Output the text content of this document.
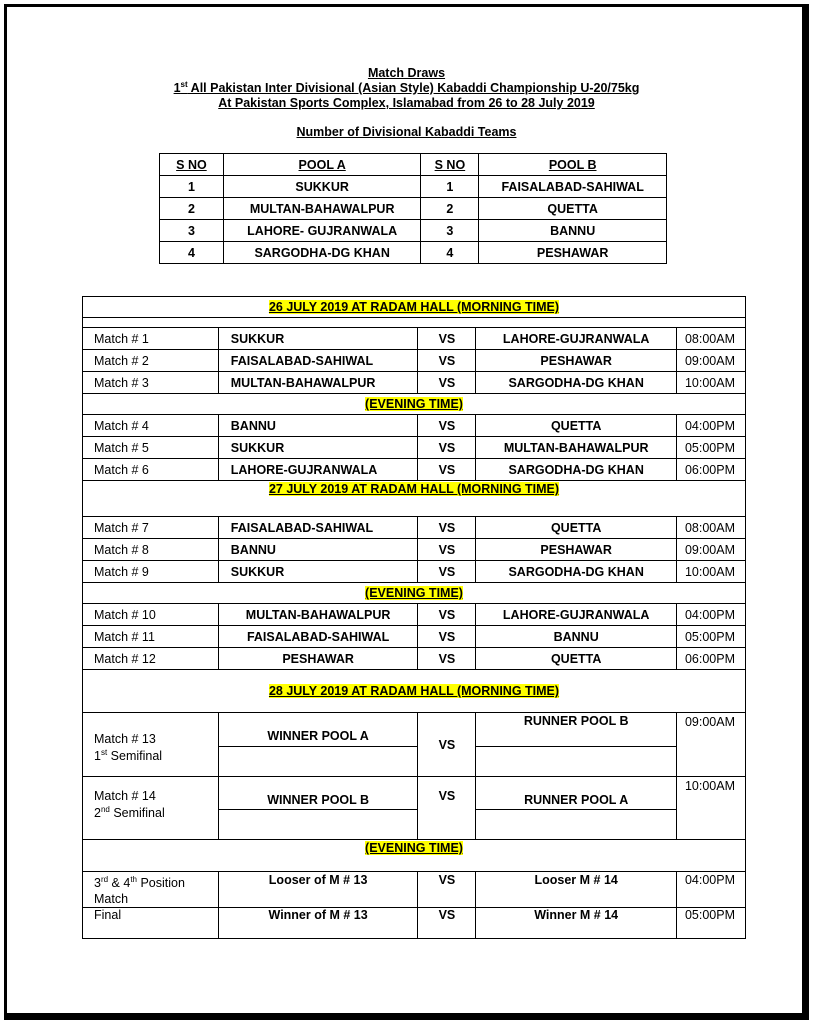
Match Draws
1st All Pakistan Inter Divisional (Asian Style) Kabaddi Championship U-20/75kg
At Pakistan Sports Complex, Islamabad from 26 to 28 July 2019
Number of Divisional Kabaddi Teams
S NO	POOL A	S NO	POOL B
1	SUKKUR	1	FAISALABAD-SAHIWAL
2	MULTAN-BAHAWALPUR	2	QUETTA
3	LAHORE- GUJRANWALA	3	BANNU
4	SARGODHA-DG KHAN	4	PESHAWAR
26 JULY 2019 AT RADAM HALL (MORNING TIME)				

Match # 1	SUKKUR	VS	LAHORE-GUJRANWALA	08:00AM
Match # 2	FAISALABAD-SAHIWAL	VS	PESHAWAR	09:00AM
Match # 3	MULTAN-BAHAWALPUR	VS	SARGODHA-DG KHAN	10:00AM
(EVENING TIME)				
Match # 4	BANNU	VS	QUETTA	04:00PM
Match # 5	SUKKUR	VS	MULTAN-BAHAWALPUR	05:00PM
Match # 6	LAHORE-GUJRANWALA	VS	SARGODHA-DG KHAN	06:00PM
27 JULY 2019 AT RADAM HALL (MORNING TIME)				
Match # 7	FAISALABAD-SAHIWAL	VS	QUETTA	08:00AM
Match # 8	BANNU	VS	PESHAWAR	09:00AM
Match # 9	SUKKUR	VS	SARGODHA-DG KHAN	10:00AM
(EVENING TIME)				
Match # 10	MULTAN-BAHAWALPUR	VS	LAHORE-GUJRANWALA	04:00PM
Match # 11	FAISALABAD-SAHIWAL	VS	BANNU	05:00PM
Match # 12	PESHAWAR	VS	QUETTA	06:00PM
28 JULY 2019 AT RADAM HALL (MORNING TIME)				
Match # 13
1st Semifinal	WINNER POOL A	VS	RUNNER POOL B	09:00AM

Match # 14
2nd Semifinal	WINNER POOL B	VS	RUNNER POOL A	10:00AM

(EVENING TIME)				
3rd & 4th Position
Match	Looser of M # 13	VS	Looser M # 14	04:00PM
Final	Winner of M # 13	VS	Winner M # 14	05:00PM
